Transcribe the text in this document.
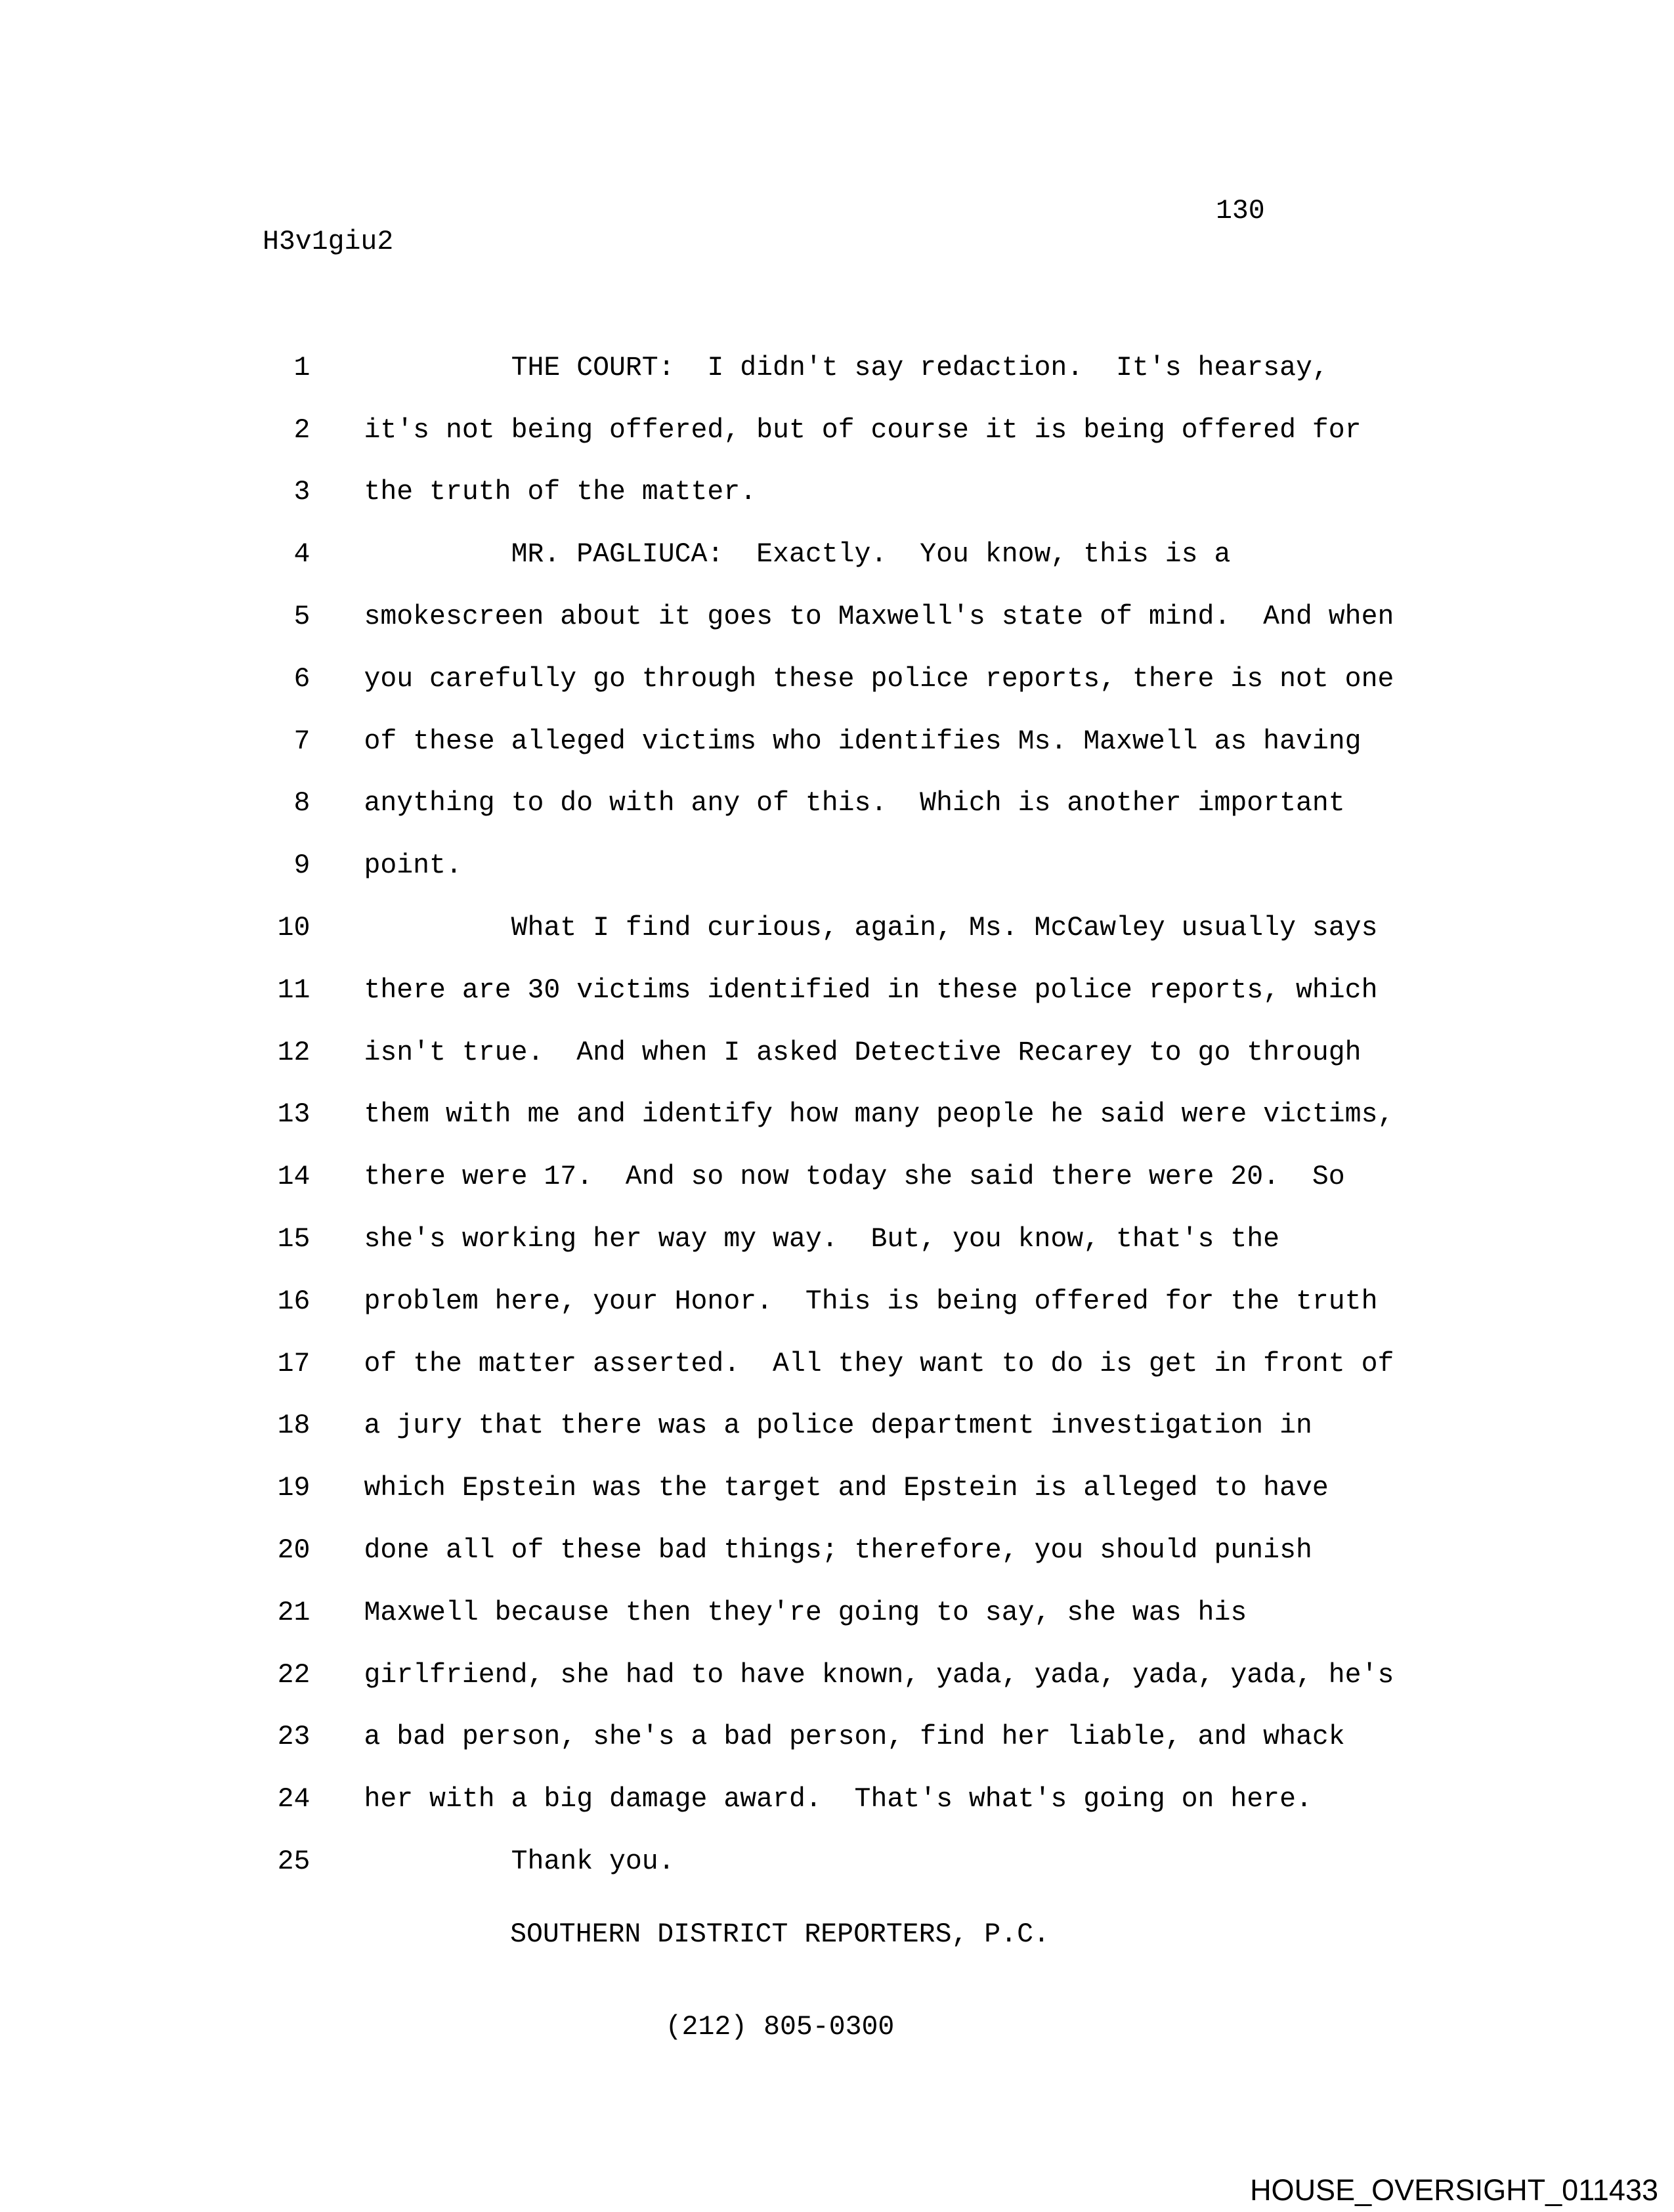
130
H3v1giu2

1         THE COURT:  I didn't say redaction.  It's hearsay,

2 it's not being offered, but of course it is being offered for

3 the truth of the matter.

4         MR. PAGLIUCA:  Exactly.  You know, this is a

5 smokescreen about it goes to Maxwell's state of mind.  And when

6 you carefully go through these police reports, there is not one

7 of these alleged victims who identifies Ms. Maxwell as having

8 anything to do with any of this.  Which is another important

9 point.

10         What I find curious, again, Ms. McCawley usually says

11 there are 30 victims identified in these police reports, which

12 isn't true.  And when I asked Detective Recarey to go through

13 them with me and identify how many people he said were victims,

14 there were 17.  And so now today she said there were 20.  So

15 she's working her way my way.  But, you know, that's the

16 problem here, your Honor.  This is being offered for the truth

17 of the matter asserted.  All they want to do is get in front of

18 a jury that there was a police department investigation in

19 which Epstein was the target and Epstein is alleged to have

20 done all of these bad things; therefore, you should punish

21 Maxwell because then they're going to say, she was his

22 girlfriend, she had to have known, yada, yada, yada, yada, he's

23 a bad person, she's a bad person, find her liable, and whack

24 her with a big damage award.  That's what's going on here.

25         Thank you.

SOUTHERN DISTRICT REPORTERS, P.C.

(212) 805-0300

HOUSE_OVERSIGHT_011433
